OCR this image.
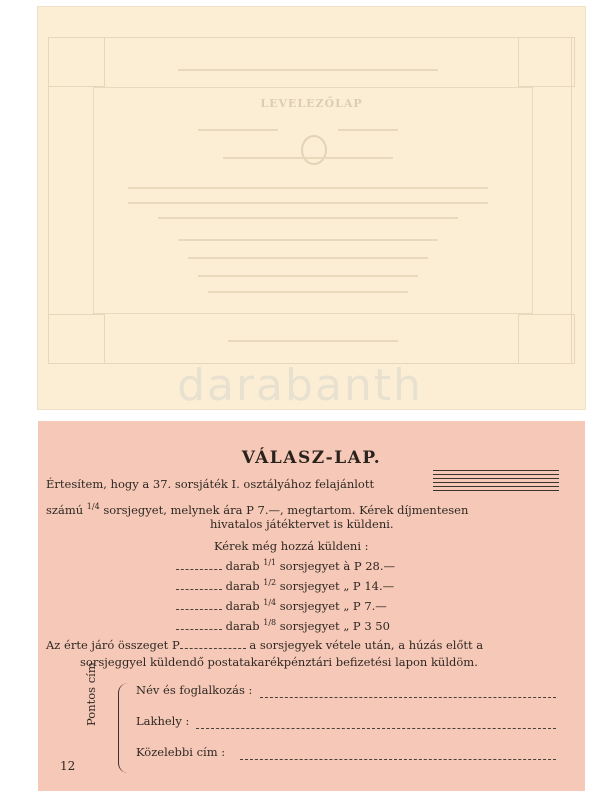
LEVELEZŐLAP
darabanth
VÁLASZ-LAP.
Értesítem, hogy a 37. sorsjáték I. osztályához felajánlott
számú $^{1/4}$ sorsjegyet, melynek ára P 7.—, megtartom. Kérek díjmentesen
hivatalos játéktervet is küldeni.
Kérek még hozzá küldeni :
darab $^{1/1}$ sorsjegyet à P 28.—
darab $^{1/2}$ sorsjegyet „ P 14.—
darab $^{1/4}$ sorsjegyet „ P 7.—
darab $^{1/8}$ sorsjegyet „ P 3 50
Az érte járó összeget P	a sorsjegyek vétele után, a húzás előtt a
sorsjeggyel küldendő postatakarékpénztári befizetési lapon küldöm.
Pontos cím	Név és foglalkozás :
Lakhely :
Közelebbi cím :
12
